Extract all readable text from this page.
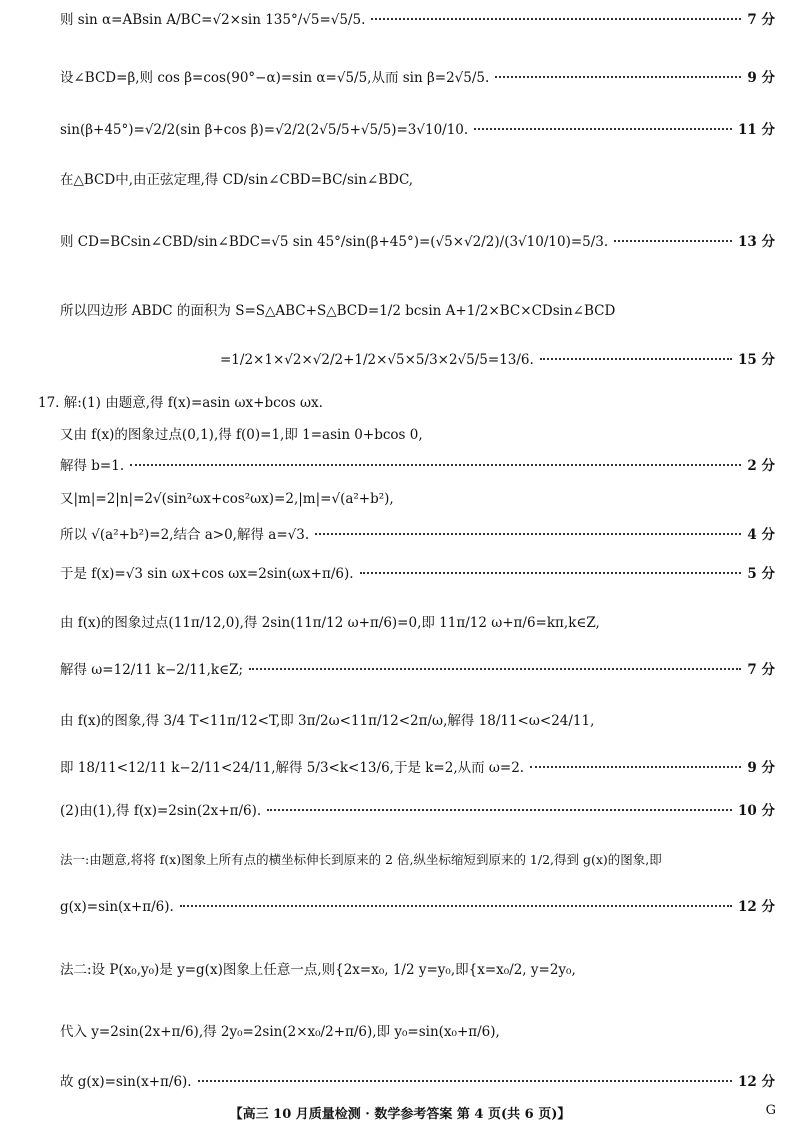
则 sin α=ABsin A/BC=√2×sin 135°/√5=√5/5.	7 分
设∠BCD=β,则 cos β=cos(90°−α)=sin α=√5/5,从而 sin β=2√5/5.	9 分
sin(β+45°)=√2/2(sin β+cos β)=√2/2(2√5/5+√5/5)=3√10/10.	11 分
在△BCD中,由正弦定理,得 CD/sin∠CBD=BC/sin∠BDC,
则 CD=BCsin∠CBD/sin∠BDC=√5 sin 45°/sin(β+45°)=(√5×√2/2)/(3√10/10)=5/3.	13 分
所以四边形 ABDC 的面积为 S=S△ABC+S△BCD=1/2 bcsin A+1/2×BC×CDsin∠BCD
=1/2×1×√2×√2/2+1/2×√5×5/3×2√5/5=13/6.	15 分
17. 解:(1) 由题意,得 f(x)=asin ωx+bcos ωx.
又由 f(x)的图象过点(0,1),得 f(0)=1,即 1=asin 0+bcos 0,
解得 b=1.	2 分
又|m|=2|n|=2√(sin²ωx+cos²ωx)=2,|m|=√(a²+b²),
所以 √(a²+b²)=2,结合 a>0,解得 a=√3.	4 分
于是 f(x)=√3 sin ωx+cos ωx=2sin(ωx+π/6).	5 分
由 f(x)的图象过点(11π/12,0),得 2sin(11π/12 ω+π/6)=0,即 11π/12 ω+π/6=kπ,k∈Z,
解得 ω=12/11 k−2/11,k∈Z;	7 分
由 f(x)的图象,得 3/4 T<11π/12<T,即 3π/2ω<11π/12<2π/ω,解得 18/11<ω<24/11,
即 18/11<12/11 k−2/11<24/11,解得 5/3<k<13/6,于是 k=2,从而 ω=2.	9 分
(2)由(1),得 f(x)=2sin(2x+π/6).	10 分
法一:由题意,将将 f(x)图象上所有点的横坐标伸长到原来的 2 倍,纵坐标缩短到原来的 1/2,得到 g(x)的图象,即
g(x)=sin(x+π/6).	12 分
法二:设 P(x₀,y₀)是 y=g(x)图象上任意一点,则{2x=x₀, 1/2 y=y₀,即{x=x₀/2, y=2y₀,
代入 y=2sin(2x+π/6),得 2y₀=2sin(2×x₀/2+π/6),即 y₀=sin(x₀+π/6),
故 g(x)=sin(x+π/6).	12 分
【高三 10 月质量检测 · 数学参考答案 第 4 页(共 6 页)】	G
